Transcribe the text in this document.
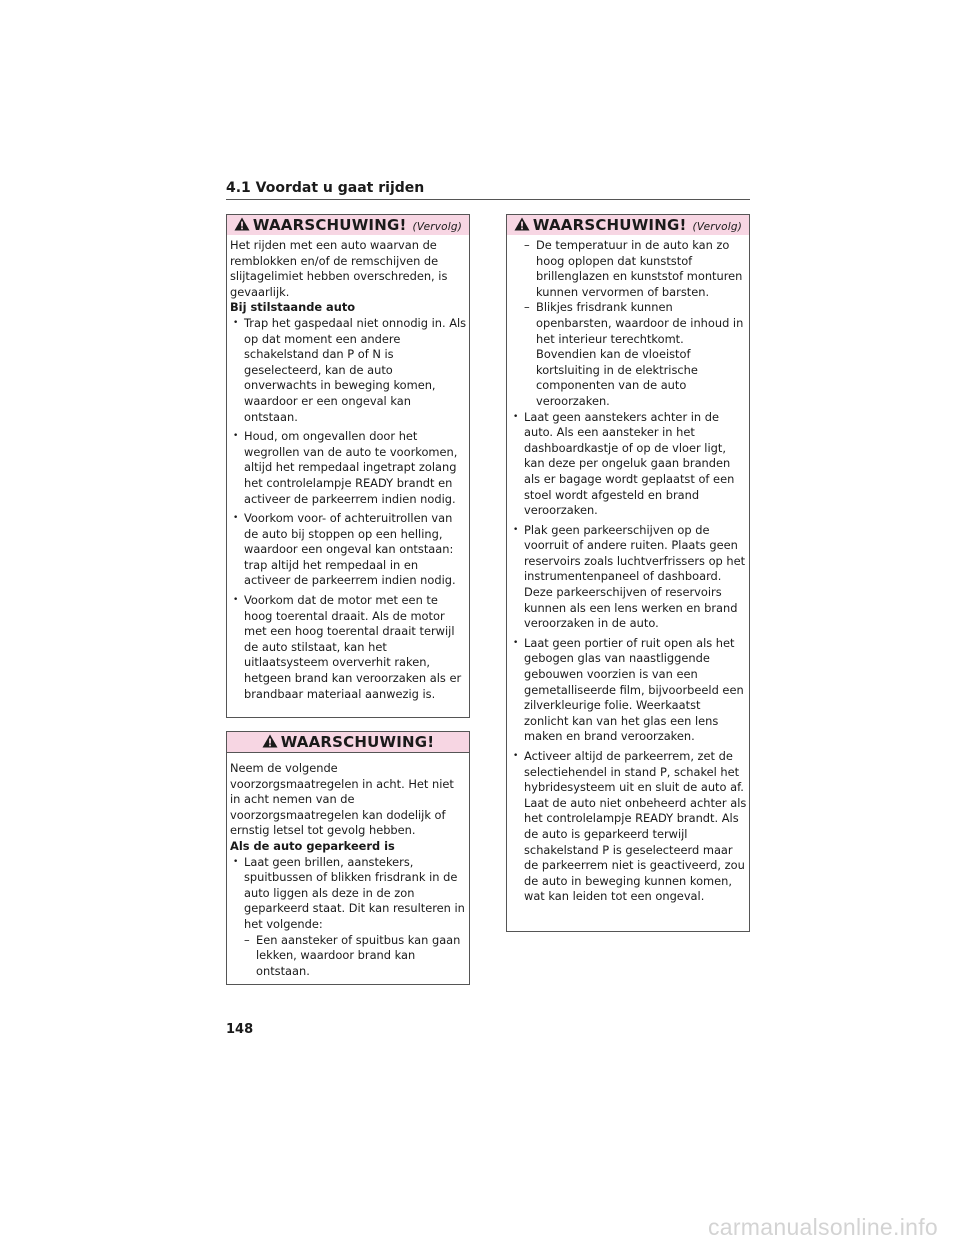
4.1 Voordat u gaat rijden
WAARSCHUWING! (Vervolg)

Het rijden met een auto waarvan de remblokken en/of de remschijven de slijtagelimiet hebben overschreden, is gevaarlijk.

Bij stilstaande auto

• Trap het gaspedaal niet onnodig in. Als op dat moment een andere schakelstand dan P of N is geselecteerd, kan de auto onverwachts in beweging komen, waardoor er een ongeval kan ontstaan.

• Houd, om ongevallen door het wegrollen van de auto te voorkomen, altijd het rempedaal ingetrapt zolang het controlelampje READY brandt en activeer de parkeerrem indien nodig.

• Voorkom voor- of achteruitrollen van de auto bij stoppen op een helling, waardoor een ongeval kan ontstaan: trap altijd het rempedaal in en activeer de parkeerrem indien nodig.

• Voorkom dat de motor met een te hoog toerental draait. Als de motor met een hoog toerental draait terwijl de auto stilstaat, kan het uitlaatsysteem oververhit raken, hetgeen brand kan veroorzaken als er brandbaar materiaal aanwezig is.

WAARSCHUWING!

Neem de volgende voorzorgsmaatregelen in acht. Het niet in acht nemen van de voorzorgsmaatregelen kan dodelijk of ernstig letsel tot gevolg hebben.

Als de auto geparkeerd is

• Laat geen brillen, aanstekers, spuitbussen of blikken frisdrank in de auto liggen als deze in de zon geparkeerd staat. Dit kan resulteren in het volgende:

– Een aansteker of spuitbus kan gaan lekken, waardoor brand kan ontstaan.

WAARSCHUWING! (Vervolg)

– De temperatuur in de auto kan zo hoog oplopen dat kunststof brillenglazen en kunststof monturen kunnen vervormen of barsten.

– Blikjes frisdrank kunnen openbarsten, waardoor de inhoud in het interieur terechtkomt. Bovendien kan de vloeistof kortsluiting in de elektrische componenten van de auto veroorzaken.

• Laat geen aanstekers achter in de auto. Als een aansteker in het dashboardkastje of op de vloer ligt, kan deze per ongeluk gaan branden als er bagage wordt geplaatst of een stoel wordt afgesteld en brand veroorzaken.

• Plak geen parkeerschijven op de voorruit of andere ruiten. Plaats geen reservoirs zoals luchtverfrissers op het instrumentenpaneel of dashboard. Deze parkeerschijven of reservoirs kunnen als een lens werken en brand veroorzaken in de auto.

• Laat geen portier of ruit open als het gebogen glas van naastliggende gebouwen voorzien is van een gemetalliseerde film, bijvoorbeeld een zilverkleurige folie. Weerkaatst zonlicht kan van het glas een lens maken en brand veroorzaken.

• Activeer altijd de parkeerrem, zet de selectiehendel in stand P, schakel het hybridesysteem uit en sluit de auto af. Laat de auto niet onbeheerd achter als het controlelampje READY brandt. Als de auto is geparkeerd terwijl schakelstand P is geselecteerd maar de parkeerrem niet is geactiveerd, zou de auto in beweging kunnen komen, wat kan leiden tot een ongeval.

148
carmanualsonline.info
